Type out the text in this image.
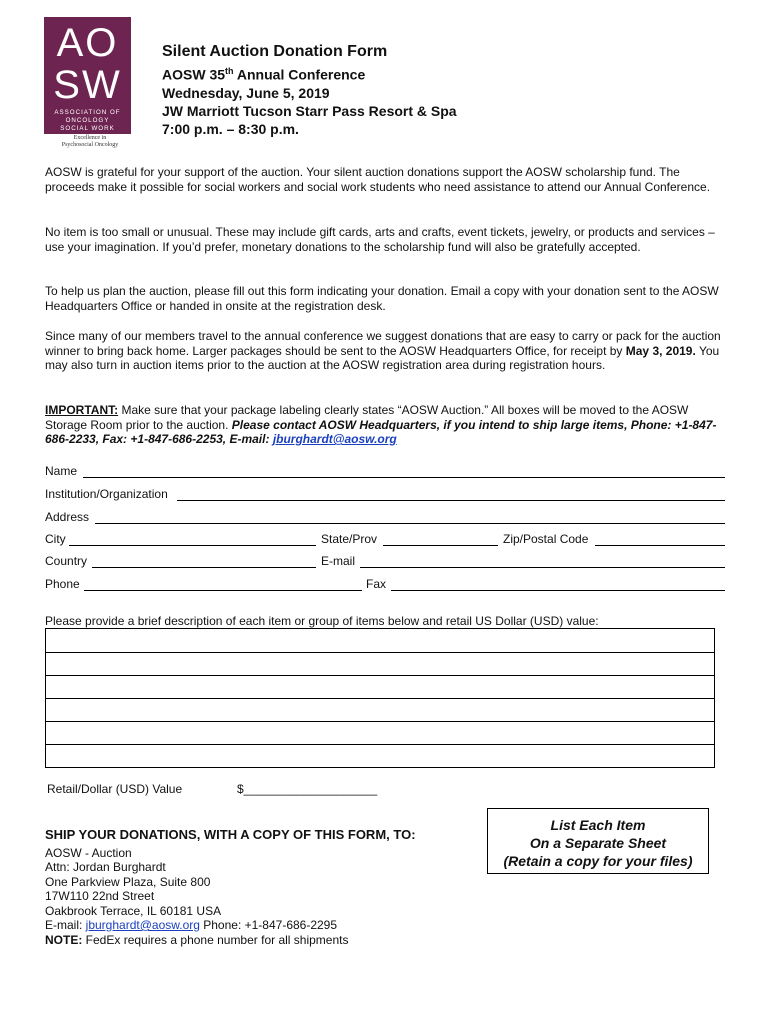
AO
SW
ASSOCIATION OF
ONCOLOGY
SOCIAL WORK
Excellence in
Psychosocial Oncology
Silent Auction Donation Form
AOSW 35th Annual Conference
Wednesday, June 5, 2019
JW Marriott Tucson Starr Pass Resort & Spa
7:00 p.m. – 8:30 p.m.
AOSW is grateful for your support of the auction. Your silent auction donations support the AOSW scholarship fund. The proceeds make it possible for social workers and social work students who need assistance to attend our Annual Conference.
No item is too small or unusual. These may include gift cards, arts and crafts, event tickets, jewelry, or products and services – use your imagination. If you’d prefer, monetary donations to the scholarship fund will also be gratefully accepted.
To help us plan the auction, please fill out this form indicating your donation. Email a copy with your donation sent to the AOSW Headquarters Office or handed in onsite at the registration desk.
Since many of our members travel to the annual conference we suggest donations that are easy to carry or pack for the auction winner to bring back home. Larger packages should be sent to the AOSW Headquarters Office, for receipt by May 3, 2019. You may also turn in auction items prior to the auction at the AOSW registration area during registration hours.
IMPORTANT: Make sure that your package labeling clearly states “AOSW Auction.” All boxes will be moved to the AOSW Storage Room prior to the auction. Please contact AOSW Headquarters, if you intend to ship large items, Phone: +1-847-686-2233, Fax: +1-847-686-2253, E-mail: jburghardt@aosw.org
Name
Institution/Organization
Address
City	State/Prov	Zip/Postal Code
Country	E-mail
Phone	Fax
Please provide a brief description of each item or group of items below and retail US Dollar (USD) value:
Retail/Dollar (USD) Value	$____________________
List Each Item
On a Separate Sheet
(Retain a copy for your files)
SHIP YOUR DONATIONS, WITH A COPY OF THIS FORM, TO:
AOSW - Auction
Attn: Jordan Burghardt
One Parkview Plaza, Suite 800
17W110 22nd Street
Oakbrook Terrace, IL 60181 USA
E-mail: jburghardt@aosw.org Phone: +1-847-686-2295
NOTE: FedEx requires a phone number for all shipments
